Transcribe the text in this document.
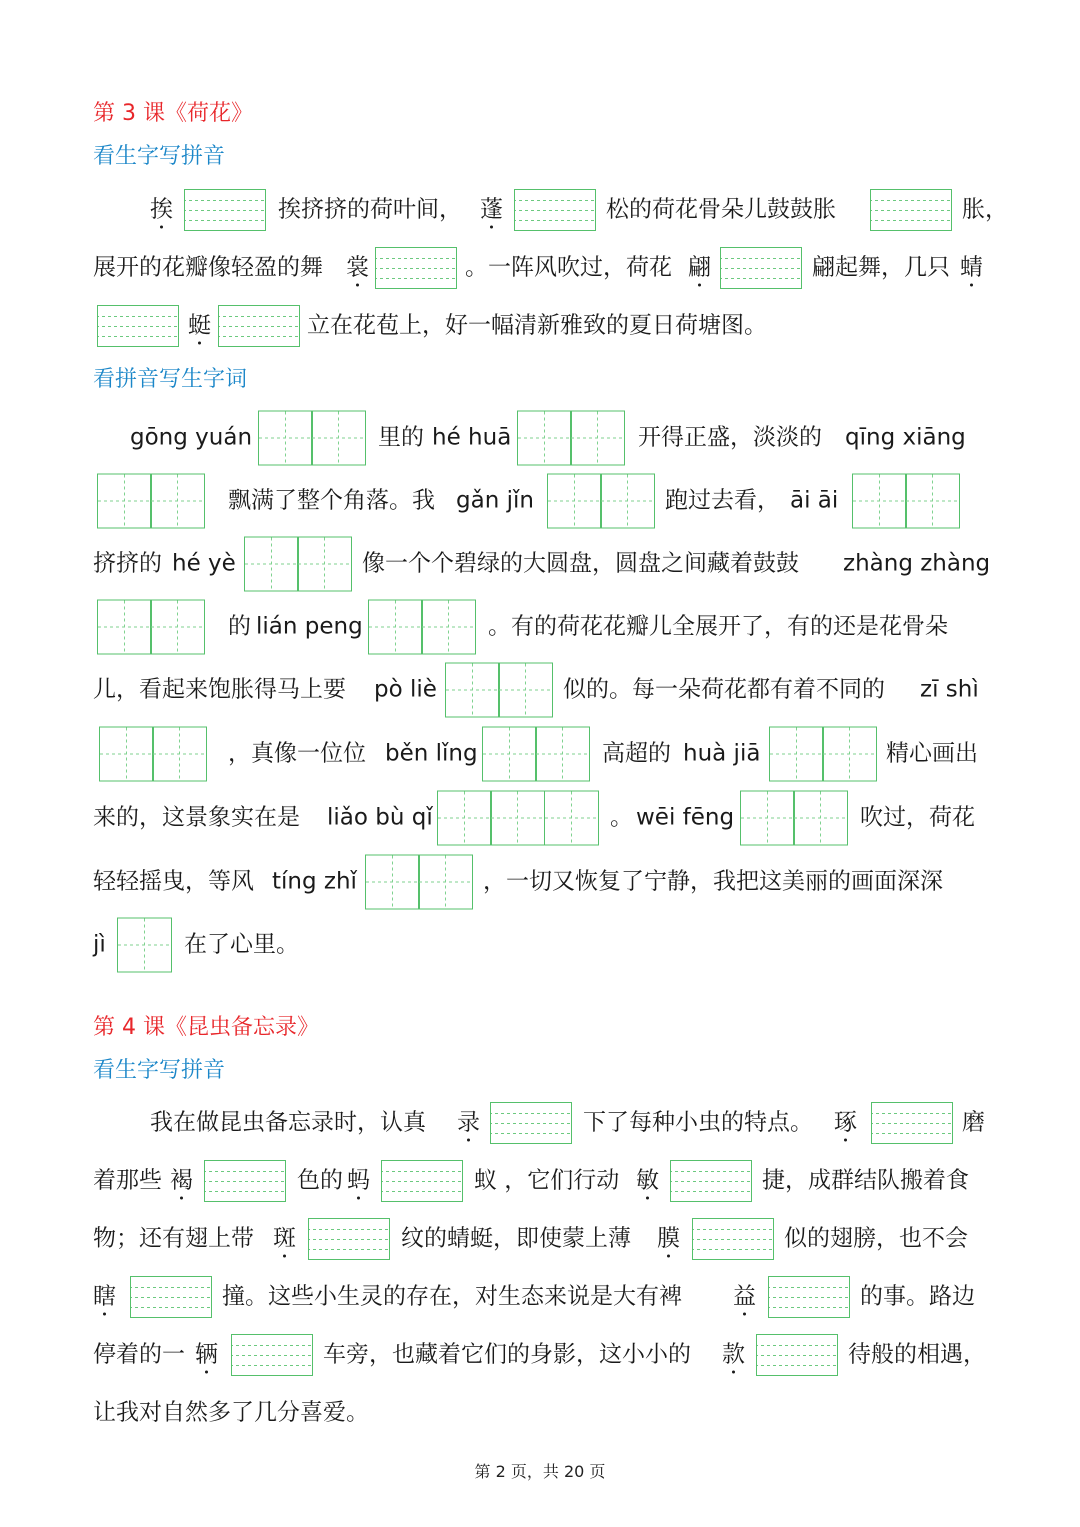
第 3 课《荷花》
看生字写拼音
挨	挨挤挤的荷叶间， 蓬	松的荷花骨朵儿鼓鼓胀	胀，
展开的花瓣像轻盈的舞 裳	。一阵风吹过，荷花 翩	翩起舞，几只 蜻
蜓	立在花苞上，好一幅清新雅致的夏日荷塘图。
看拼音写生字词
gōng yuán	里的 hé huā	开得正盛，淡淡的 qīng xiāng
飘满了整个角落。我 gǎn jǐn	跑过去看， āi āi
挤挤的 hé yè	像一个个碧绿的大圆盘，圆盘之间藏着鼓鼓 zhàng zhàng
的 lián peng	。有的荷花花瓣儿全展开了，有的还是花骨朵
儿，看起来饱胀得马上要 pò liè	似的。每一朵荷花都有着不同的 zī shì
，真像一位位 běn lǐng	高超的 huà jiā	精心画出
来的，这景象实在是 liǎo bù qǐ	。 wēi fēng	吹过，荷花
轻轻摇曳，等风 tíng zhǐ	，一切又恢复了宁静，我把这美丽的画面深深
jì	在了心里。
第 4 课《昆虫备忘录》
看生字写拼音
我在做昆虫备忘录时，认真 录	下了每种小虫的特点。 琢	磨
着那些 褐	色的 蚂	蚁 ，它们行动 敏	捷，成群结队搬着食
物；还有翅上带 斑	纹的蜻蜓，即使蒙上薄 膜	似的翅膀，也不会
瞎	撞。这些小生灵的存在，对生态来说是大有裨 益	的事。路边
停着的一 辆	车旁，也藏着它们的身影，这小小的 款	待般的相遇，
让我对自然多了几分喜爱。
第 2 页，共 20 页
